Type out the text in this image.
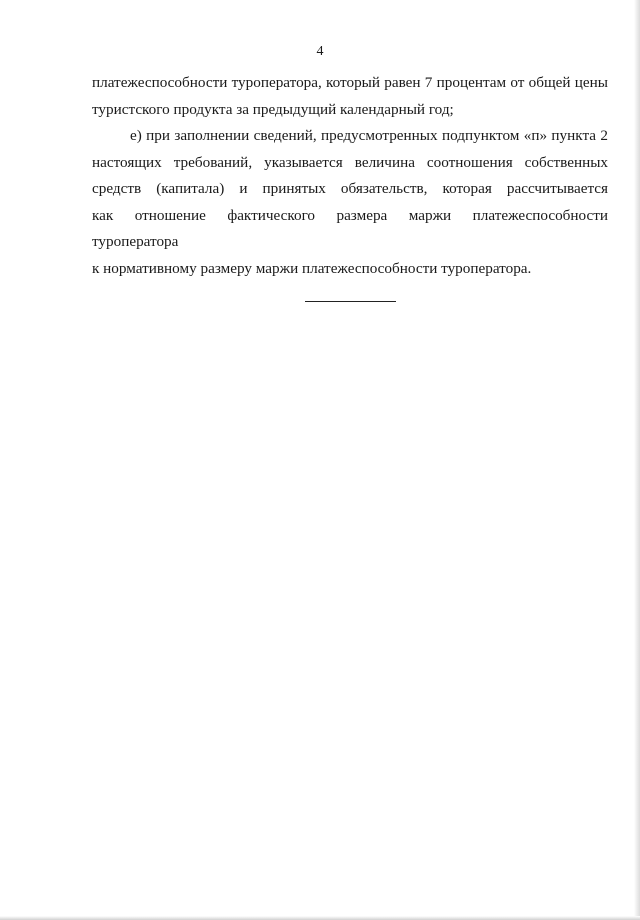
4
платежеспособности туроператора, который равен 7 процентам от общей цены
туристского продукта за предыдущий календарный год;
е) при заполнении сведений, предусмотренных подпунктом «п» пункта 2
настоящих требований, указывается величина соотношения собственных
средств (капитала) и принятых обязательств, которая рассчитывается
как отношение фактического размера маржи платежеспособности туроператора
к нормативному размеру маржи платежеспособности туроператора.
